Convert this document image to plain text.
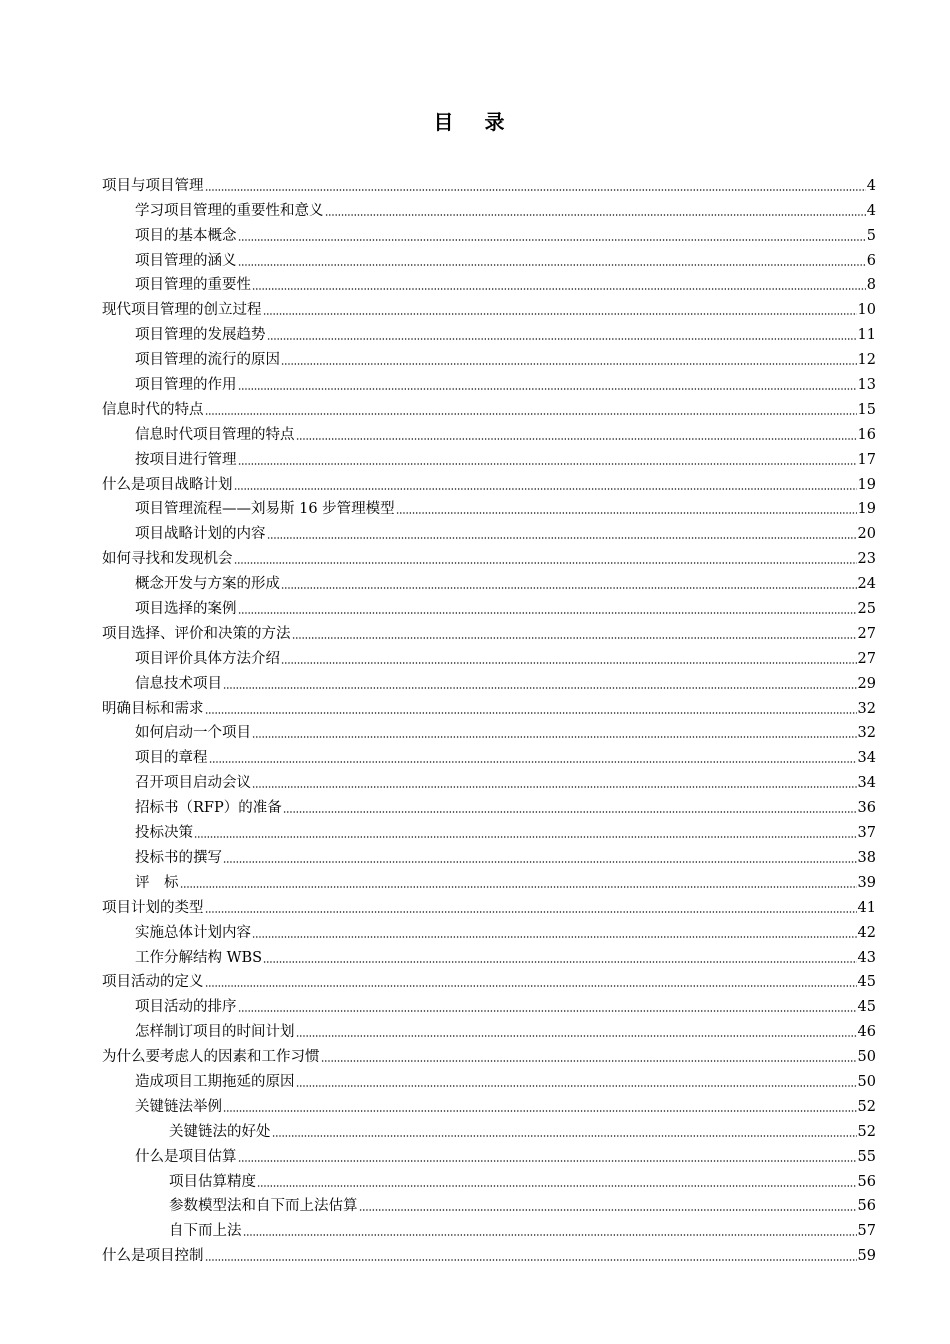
目 录
项目与项目管理	4
学习项目管理的重要性和意义	4
项目的基本概念	5
项目管理的涵义	6
项目管理的重要性	8
现代项目管理的创立过程	10
项目管理的发展趋势	11
项目管理的流行的原因	12
项目管理的作用	13
信息时代的特点	15
信息时代项目管理的特点	16
按项目进行管理	17
什么是项目战略计划	19
项目管理流程——刘易斯 16 步管理模型	19
项目战略计划的内容	20
如何寻找和发现机会	23
概念开发与方案的形成	24
项目选择的案例	25
项目选择、评价和决策的方法	27
项目评价具体方法介绍	27
信息技术项目	29
明确目标和需求	32
如何启动一个项目	32
项目的章程	34
召开项目启动会议	34
招标书（RFP）的准备	36
投标决策	37
投标书的撰写	38
评　标	39
项目计划的类型	41
实施总体计划内容	42
工作分解结构 WBS	43
项目活动的定义	45
项目活动的排序	45
怎样制订项目的时间计划	46
为什么要考虑人的因素和工作习惯	50
造成项目工期拖延的原因	50
关键链法举例	52
关键链法的好处	52
什么是项目估算	55
项目估算精度	56
参数模型法和自下而上法估算	56
自下而上法	57
什么是项目控制	59
